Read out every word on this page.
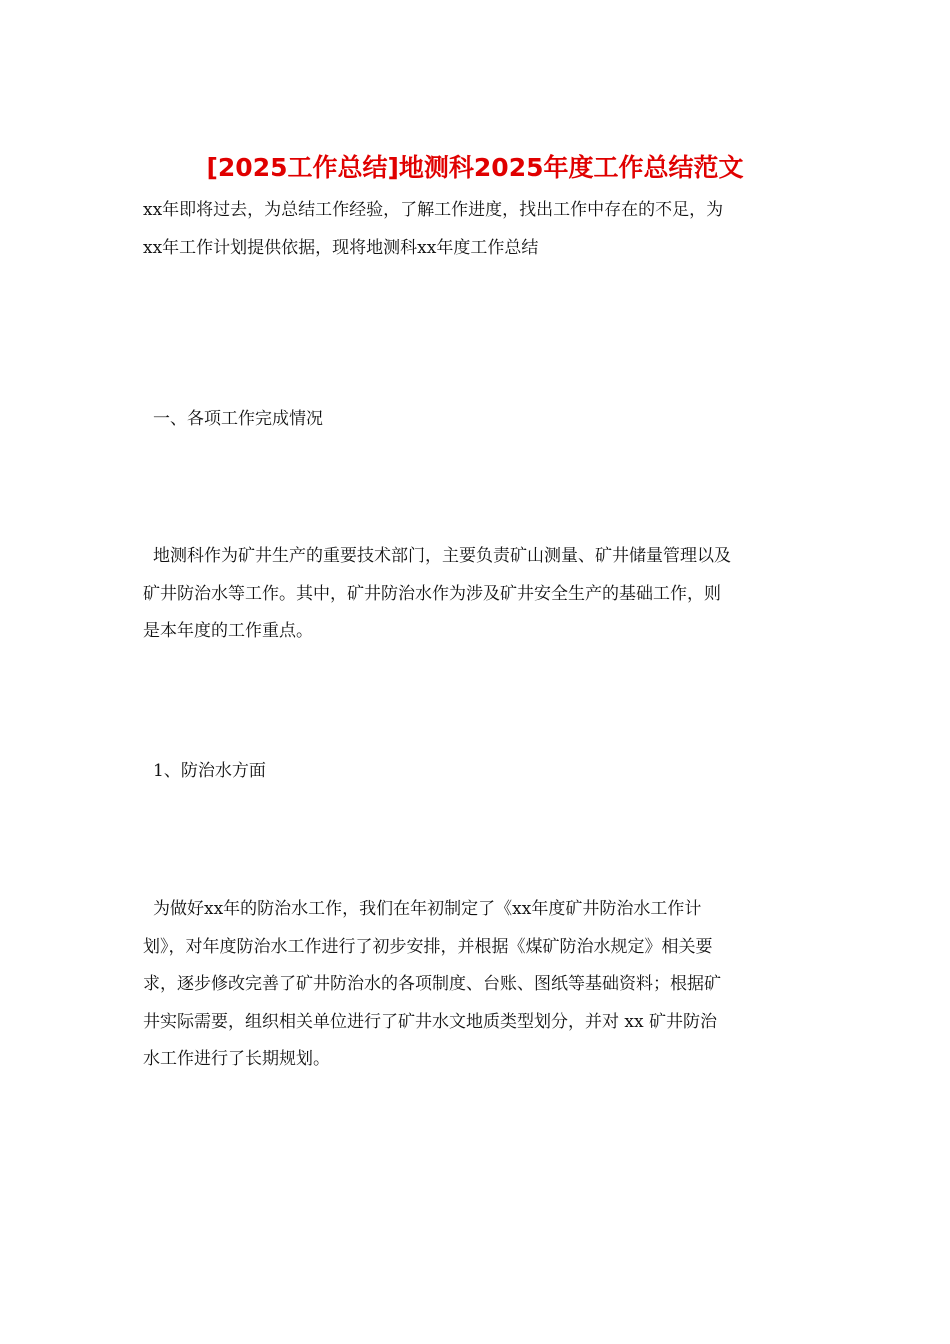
[2025工作总结]地测科2025年度工作总结范文

xx年即将过去，为总结工作经验，了解工作进度，找出工作中存在的不足，为
xx年工作计划提供依据，现将地测科xx年度工作总结

一、各项工作完成情况

地测科作为矿井生产的重要技术部门，主要负责矿山测量、矿井储量管理以及
矿井防治水等工作。其中，矿井防治水作为涉及矿井安全生产的基础工作，则
是本年度的工作重点。

1、防治水方面

为做好xx年的防治水工作，我们在年初制定了《xx年度矿井防治水工作计
划》，对年度防治水工作进行了初步安排，并根据《煤矿防治水规定》相关要
求，逐步修改完善了矿井防治水的各项制度、台账、图纸等基础资料；根据矿
井实际需要，组织相关单位进行了矿井水文地质类型划分，并对 xx 矿井防治
水工作进行了长期规划。
